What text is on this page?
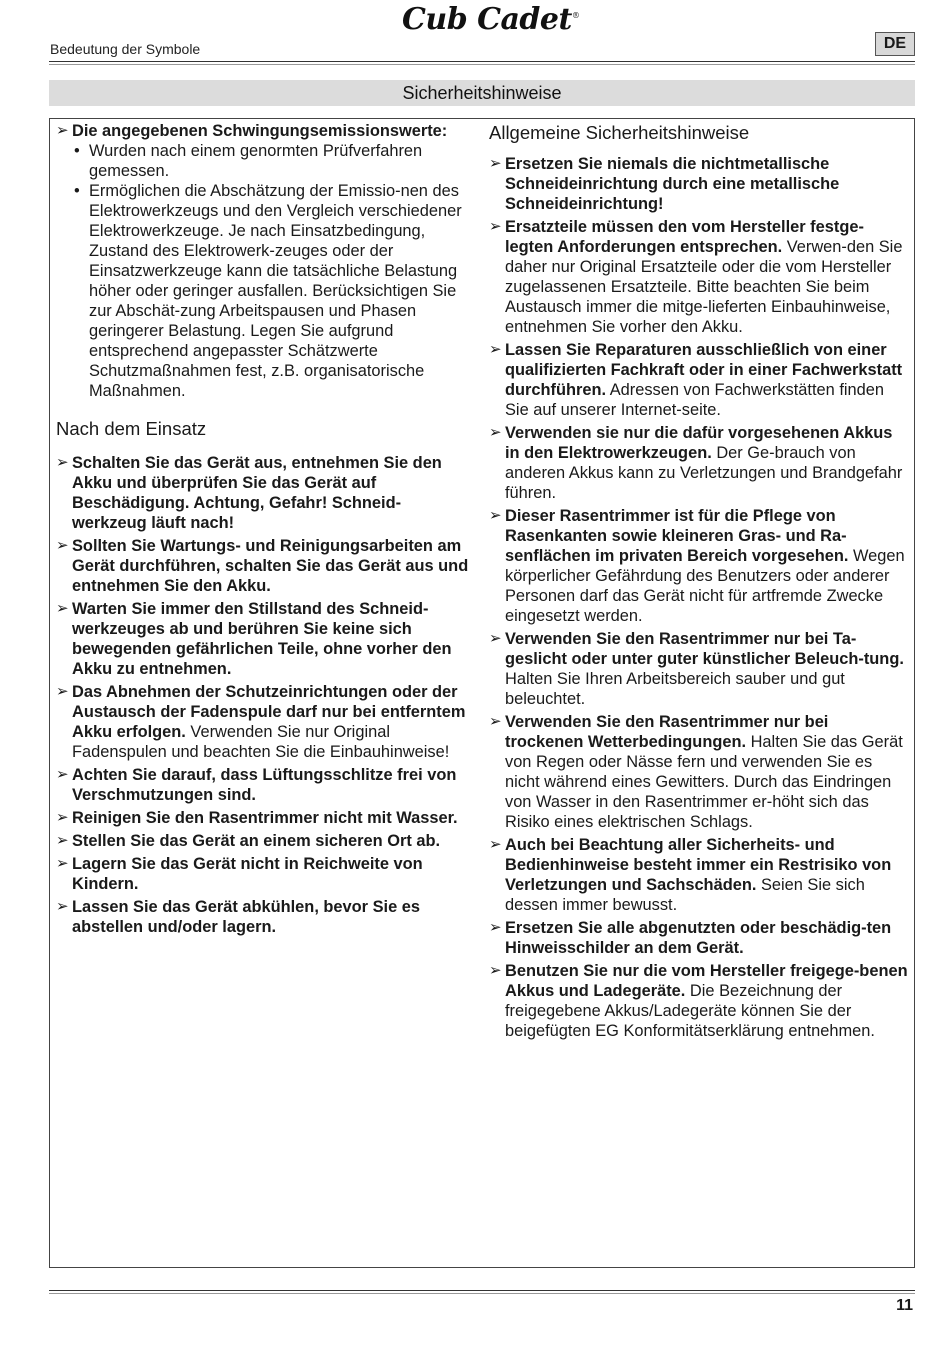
Bedeutung der Symbole
Cub Cadet®
DE
Sicherheitshinweise
➢ Die angegebenen Schwingungsemissionswerte:
• Wurden nach einem genormten Prüfverfahren gemessen.
• Ermöglichen die Abschätzung der Emissio-nen des Elektrowerkzeugs und den Vergleich verschiedener Elektrowerkzeuge. Je nach Einsatzbedingung, Zustand des Elektrowerk-zeuges oder der Einsatzwerkzeuge kann die tatsächliche Belastung höher oder geringer ausfallen. Berücksichtigen Sie zur Abschät-zung Arbeitspausen und Phasen geringerer Belastung. Legen Sie aufgrund entsprechend angepasster Schätzwerte Schutzmaßnahmen fest, z.B. organisatorische Maßnahmen.
Nach dem Einsatz
➢ Schalten Sie das Gerät aus, entnehmen Sie den Akku und überprüfen Sie das Gerät auf Beschädigung. Achtung, Gefahr! Schneid-werkzeug läuft nach!
➢ Sollten Sie Wartungs- und Reinigungsarbeiten am Gerät durchführen, schalten Sie das Gerät aus und entnehmen Sie den Akku.
➢ Warten Sie immer den Stillstand des Schneid-werkzeuges ab und berühren Sie keine sich bewegenden gefährlichen Teile, ohne vorher den Akku zu entnehmen.
➢ Das Abnehmen der Schutzeinrichtungen oder der Austausch der Fadenspule darf nur bei entferntem Akku erfolgen. Verwenden Sie nur Original Fadenspulen und beachten Sie die Einbauhinweise!
➢ Achten Sie darauf, dass Lüftungsschlitze frei von Verschmutzungen sind.
➢ Reinigen Sie den Rasentrimmer nicht mit Wasser.
➢ Stellen Sie das Gerät an einem sicheren Ort ab.
➢ Lagern Sie das Gerät nicht in Reichweite von Kindern.
➢ Lassen Sie das Gerät abkühlen, bevor Sie es abstellen und/oder lagern.
Allgemeine Sicherheitshinweise
➢ Ersetzen Sie niemals die nichtmetallische Schneideinrichtung durch eine metallische Schneideinrichtung!
➢ Ersatzteile müssen den vom Hersteller festge-legten Anforderungen entsprechen. Verwen-den Sie daher nur Original Ersatzteile oder die vom Hersteller zugelassenen Ersatzteile. Bitte beachten Sie beim Austausch immer die mitge-lieferten Einbauhinweise, entnehmen Sie vorher den Akku.
➢ Lassen Sie Reparaturen ausschließlich von einer qualifizierten Fachkraft oder in einer Fachwerkstatt durchführen. Adressen von Fachwerkstätten finden Sie auf unserer Internet-seite.
➢ Verwenden sie nur die dafür vorgesehenen Akkus in den Elektrowerkzeugen. Der Ge-brauch von anderen Akkus kann zu Verletzungen und Brandgefahr führen.
➢ Dieser Rasentrimmer ist für die Pflege von Rasenkanten sowie kleineren Gras- und Ra-senflächen im privaten Bereich vorgesehen. Wegen körperlicher Gefährdung des Benutzers oder anderer Personen darf das Gerät nicht für artfremde Zwecke eingesetzt werden.
➢ Verwenden Sie den Rasentrimmer nur bei Ta-geslicht oder unter guter künstlicher Beleuch-tung. Halten Sie Ihren Arbeitsbereich sauber und gut beleuchtet.
➢ Verwenden Sie den Rasentrimmer nur bei trockenen Wetterbedingungen. Halten Sie das Gerät von Regen oder Nässe fern und verwenden Sie es nicht während eines Gewitters. Durch das Eindringen von Wasser in den Rasentrimmer er-höht sich das Risiko eines elektrischen Schlags.
➢ Auch bei Beachtung aller Sicherheits- und Bedienhinweise besteht immer ein Restrisiko von Verletzungen und Sachschäden. Seien Sie sich dessen immer bewusst.
➢ Ersetzen Sie alle abgenutzten oder beschädig-ten Hinweisschilder an dem Gerät.
➢ Benutzen Sie nur die vom Hersteller freigege-benen Akkus und Ladegeräte. Die Bezeichnung der freigegebene Akkus/Ladegeräte können Sie der beigefügten EG Konformitätserklärung entnehmen.
11
